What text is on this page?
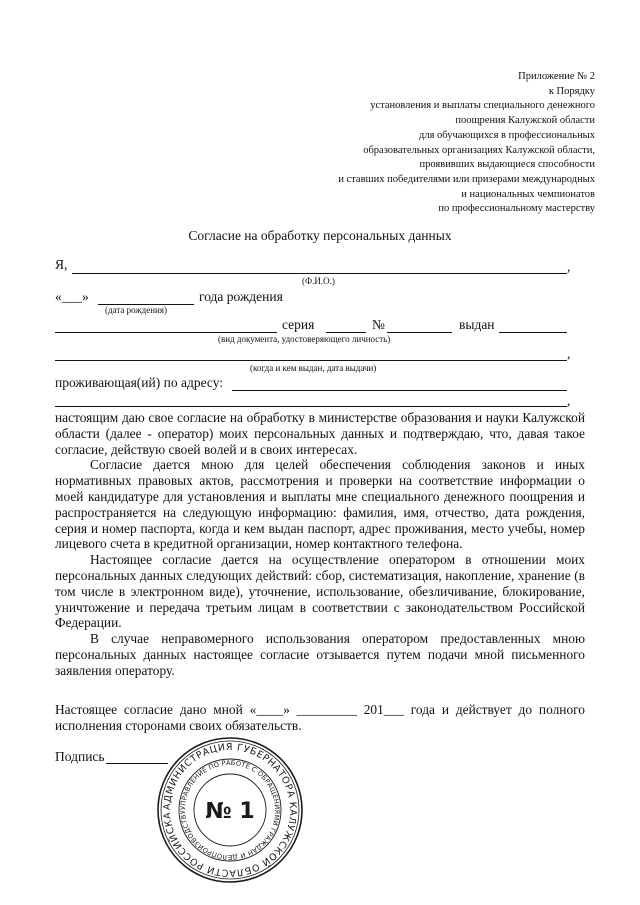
Приложение № 2
к Порядку
установления и выплаты специального денежного
поощрения Калужской области
для обучающихся в профессиональных
образовательных организациях Калужской области,
проявивших выдающиеся способности
и ставших победителями или призерами международных
и национальных чемпионатов
по профессиональному мастерству
Согласие на обработку персональных данных
Я,	,
(Ф.И.О.)
«___»	года рождения
(дата рождения)
серия	№	выдан
(вид документа, удостоверяющего личность)
,
(когда и кем выдан, дата выдачи)
проживающая(ий) по адресу:
,

настоящим даю свое согласие на обработку в министерстве образования и науки Калужской области (далее - оператор) моих персональных данных и подтверждаю, что, давая такое согласие, действую своей волей и в своих интересах.

Согласие дается мною для целей обеспечения соблюдения законов и иных нормативных правовых актов, рассмотрения и проверки на соответствие информации о моей кандидатуре для установления и выплаты мне специального денежного поощрения и распространяется на следующую информацию: фамилия, имя, отчество, дата рождения, серия и номер паспорта, когда и кем выдан паспорт, адрес проживания, место учебы, номер лицевого счета в кредитной организации, номер контактного телефона.

Настоящее согласие дается на осуществление оператором в отношении моих персональных данных следующих действий: сбор, систематизация, накопление, хранение (в том числе в электронном виде), уточнение, использование, обезличивание, блокирование, уничтожение и передача третьим лицам в соответствии с законодательством Российской Федерации.

В случае неправомерного использования оператором предоставленных мною персональных данных настоящее согласие отзывается путем подачи мной письменного заявления оператору.

Настоящее согласие дано мной «____» _________ 201___ года и действует до полного исполнения сторонами своих обязательств.

Подпись
АДМИНИСТРАЦИЯ ГУБЕРНАТОРА КАЛУЖСКОЙ ОБЛАСТИ РОССИЙСКА
УПРАВЛЕНИЕ ПО РАБОТЕ С ОБРАЩЕНИЯМИ ГРАЖДАН И ДЕЛОПРОИЗВОДСТВУ № 1
